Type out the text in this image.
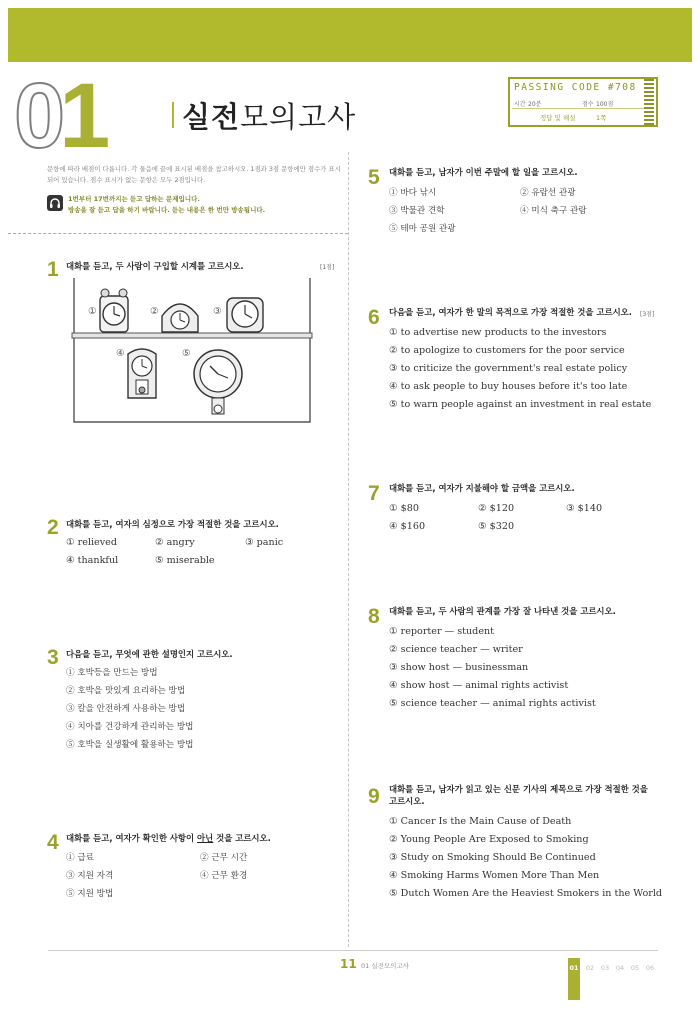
01	실전모의고사
PASSING CODE #708
시간 20분	점수 100점
정답 및 해설	1쪽
문항에 따라 배점이 다릅니다. 각 물음에 끝에 표시된 배점을 참고하시오. 1점과 3점 문항에만 점수가 표시되어 있습니다. 점수 표시가 없는 문항은 모두 2점입니다.
1번부터 17번까지는 듣고 답하는 문제입니다.
방송을 잘 듣고 답을 하기 바랍니다. 듣는 내용은 한 번만 방송됩니다.
1 대화를 듣고, 두 사람이 구입할 시계를 고르시오.	[1점]
①	②	③
④	⑤
2 대화를 듣고, 여자의 심정으로 가장 적절한 것을 고르시오.
① relieved	② angry	③ panic
④ thankful	⑤ miserable
3 다음을 듣고, 무엇에 관한 설명인지 고르시오.
① 호박등을 만드는 방법
② 호박을 맛있게 요리하는 방법
③ 칼을 안전하게 사용하는 방법
④ 치아를 건강하게 관리하는 방법
⑤ 호박을 실생활에 활용하는 방법
4 대화를 듣고, 여자가 확인한 사항이 아닌 것을 고르시오.
① 급료	② 근무 시간
③ 지원 자격	④ 근무 환경
⑤ 지원 방법
5 대화를 듣고, 남자가 이번 주말에 할 일을 고르시오.
① 바다 낚시	② 유람선 관광
③ 박물관 견학	④ 미식 축구 관람
⑤ 테마 공원 관광
6 다음을 듣고, 여자가 한 말의 목적으로 가장 적절한 것을 고르시오. [3점]
① to advertise new products to the investors
② to apologize to customers for the poor service
③ to criticize the government's real estate policy
④ to ask people to buy houses before it's too late
⑤ to warn people against an investment in real estate
7 대화를 듣고, 여자가 지불해야 할 금액을 고르시오.
① $80	② $120	③ $140
④ $160	⑤ $320
8 대화를 듣고, 두 사람의 관계를 가장 잘 나타낸 것을 고르시오.
① reporter — student
② science teacher — writer
③ show host — businessman
④ show host — animal rights activist
⑤ science teacher — animal rights activist
9 대화를 듣고, 남자가 읽고 있는 신문 기사의 제목으로 가장 적절한 것을
고르시오.
① Cancer Is the Main Cause of Death
② Young People Are Exposed to Smoking
③ Study on Smoking Should Be Continued
④ Smoking Harms Women More Than Men
⑤ Dutch Women Are the Heaviest Smokers in the World
11 01 실전모의고사	01	02	03	04	05	06
